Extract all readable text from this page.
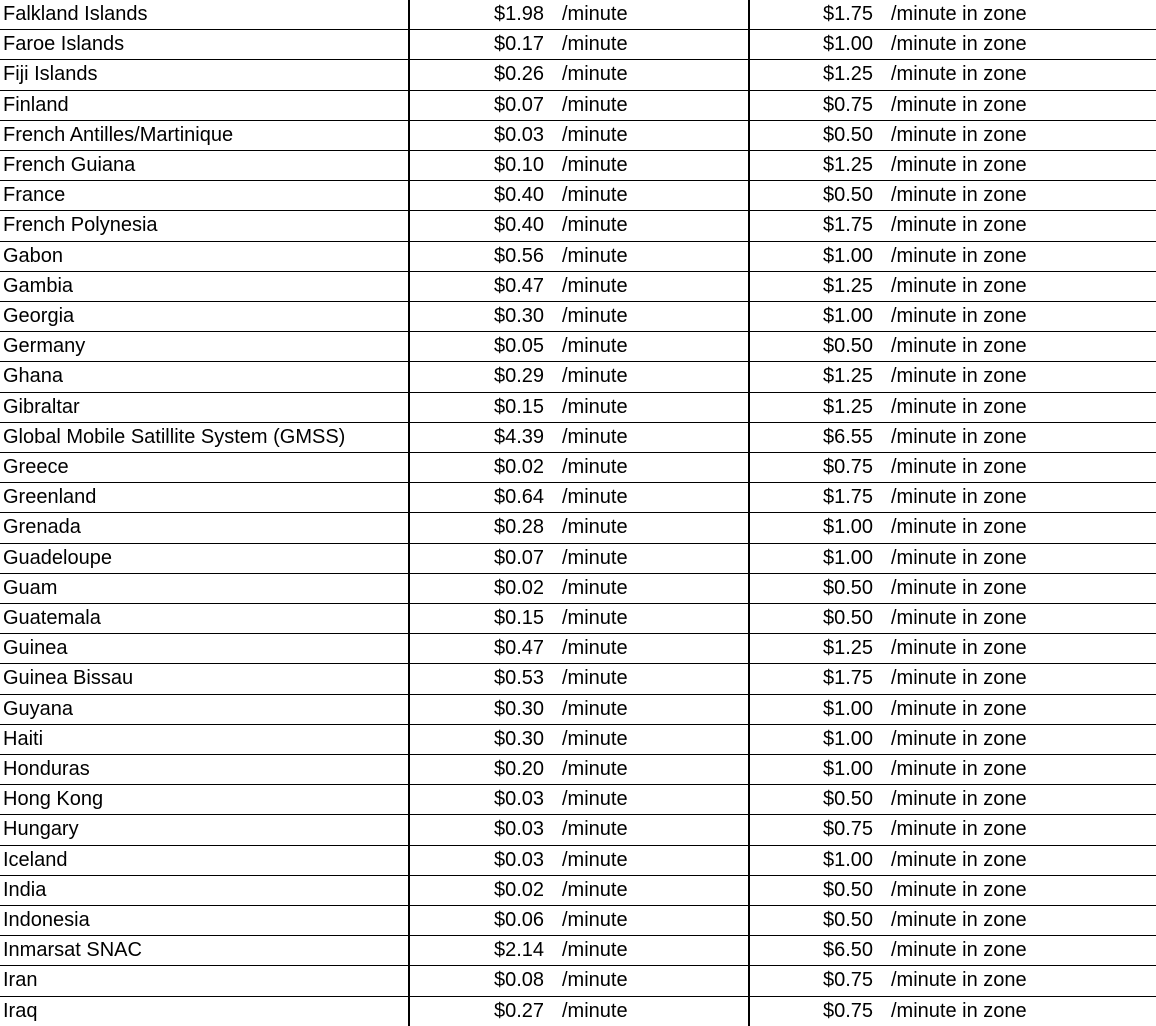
Falkland Islands	$1.98 /minute	$1.75 /minute in zone
Faroe Islands	$0.17 /minute	$1.00 /minute in zone
Fiji Islands	$0.26 /minute	$1.25 /minute in zone
Finland	$0.07 /minute	$0.75 /minute in zone
French Antilles/Martinique	$0.03 /minute	$0.50 /minute in zone
French Guiana	$0.10 /minute	$1.25 /minute in zone
France	$0.40 /minute	$0.50 /minute in zone
French Polynesia	$0.40 /minute	$1.75 /minute in zone
Gabon	$0.56 /minute	$1.00 /minute in zone
Gambia	$0.47 /minute	$1.25 /minute in zone
Georgia	$0.30 /minute	$1.00 /minute in zone
Germany	$0.05 /minute	$0.50 /minute in zone
Ghana	$0.29 /minute	$1.25 /minute in zone
Gibraltar	$0.15 /minute	$1.25 /minute in zone
Global Mobile Satillite System (GMSS)	$4.39 /minute	$6.55 /minute in zone
Greece	$0.02 /minute	$0.75 /minute in zone
Greenland	$0.64 /minute	$1.75 /minute in zone
Grenada	$0.28 /minute	$1.00 /minute in zone
Guadeloupe	$0.07 /minute	$1.00 /minute in zone
Guam	$0.02 /minute	$0.50 /minute in zone
Guatemala	$0.15 /minute	$0.50 /minute in zone
Guinea	$0.47 /minute	$1.25 /minute in zone
Guinea Bissau	$0.53 /minute	$1.75 /minute in zone
Guyana	$0.30 /minute	$1.00 /minute in zone
Haiti	$0.30 /minute	$1.00 /minute in zone
Honduras	$0.20 /minute	$1.00 /minute in zone
Hong Kong	$0.03 /minute	$0.50 /minute in zone
Hungary	$0.03 /minute	$0.75 /minute in zone
Iceland	$0.03 /minute	$1.00 /minute in zone
India	$0.02 /minute	$0.50 /minute in zone
Indonesia	$0.06 /minute	$0.50 /minute in zone
Inmarsat SNAC	$2.14 /minute	$6.50 /minute in zone
Iran	$0.08 /minute	$0.75 /minute in zone
Iraq	$0.27 /minute	$0.75 /minute in zone
